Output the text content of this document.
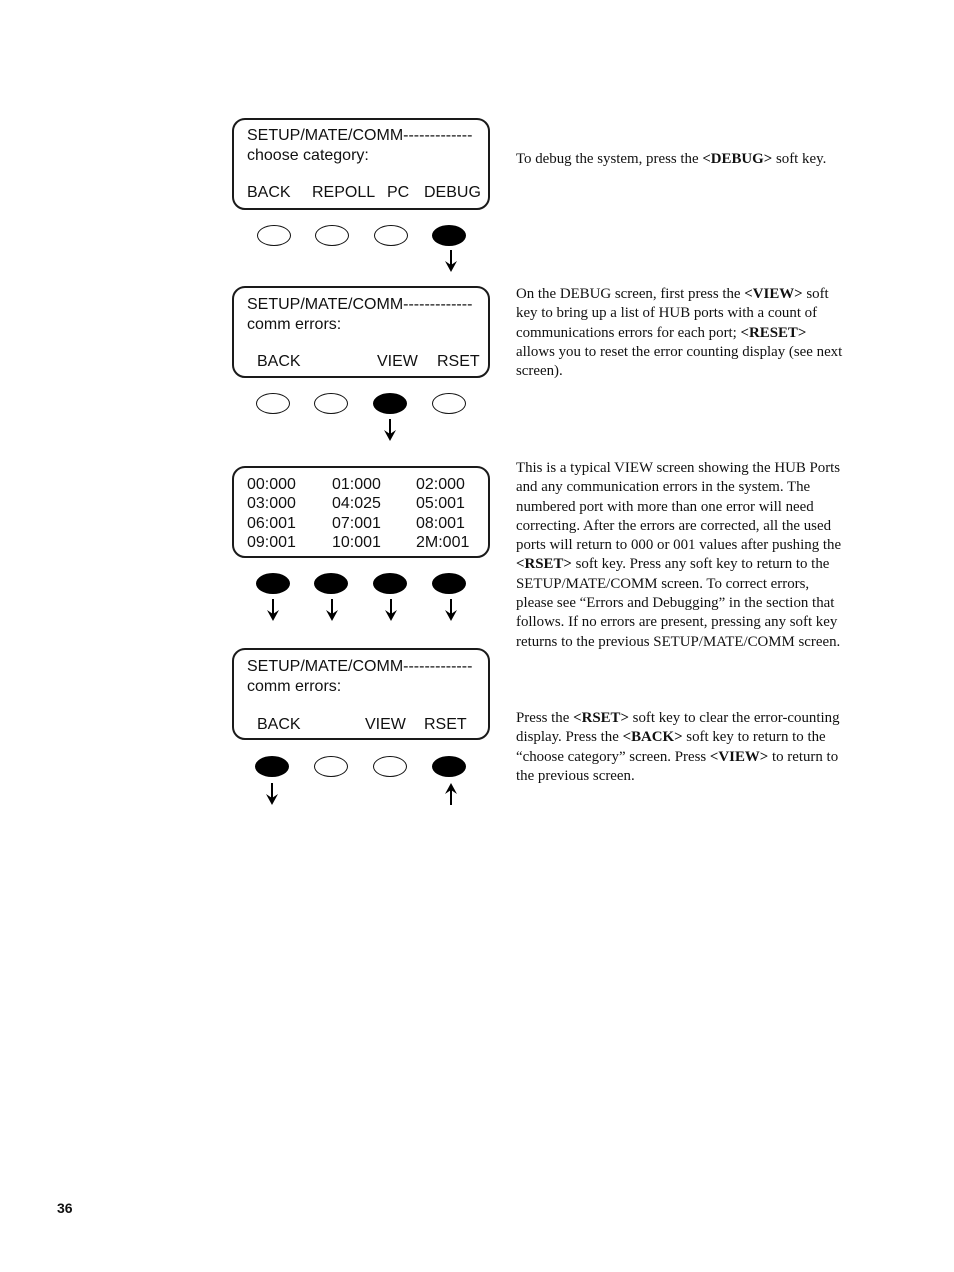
SETUP/MATE/COMM-------------
choose category:
BACK REPOLL PC DEBUG
SETUP/MATE/COMM-------------
comm errors:
BACK	VIEW RSET
00:000 01:000 02:000
03:000 04:025 05:001
06:001 07:001 08:001
09:001 10:001 2M:001
SETUP/MATE/COMM-------------
comm errors:
BACK	VIEW RSET

To debug the system, press the <DEBUG> soft key.

On the DEBUG screen, first press the <VIEW> soft key to bring up a list of HUB ports with a count of communications errors for each port; <RESET> allows you to reset the error counting display (see next screen).

This is a typical VIEW screen showing the HUB Ports and any communication errors in the system. The numbered port with more than one error will need correcting. After the errors are corrected, all the used ports will return to 000 or 001 values after pushing the <RSET> soft key. Press any soft key to return to the SETUP/MATE/COMM screen. To correct errors, please see “Errors and Debugging” in the section that follows. If no errors are present, pressing any soft key returns to the previous SETUP/MATE/COMM screen.

Press the <RSET> soft key to clear the error-counting display. Press the <BACK> soft key to return to the “choose category” screen. Press <VIEW> to return to the previous screen.

36
